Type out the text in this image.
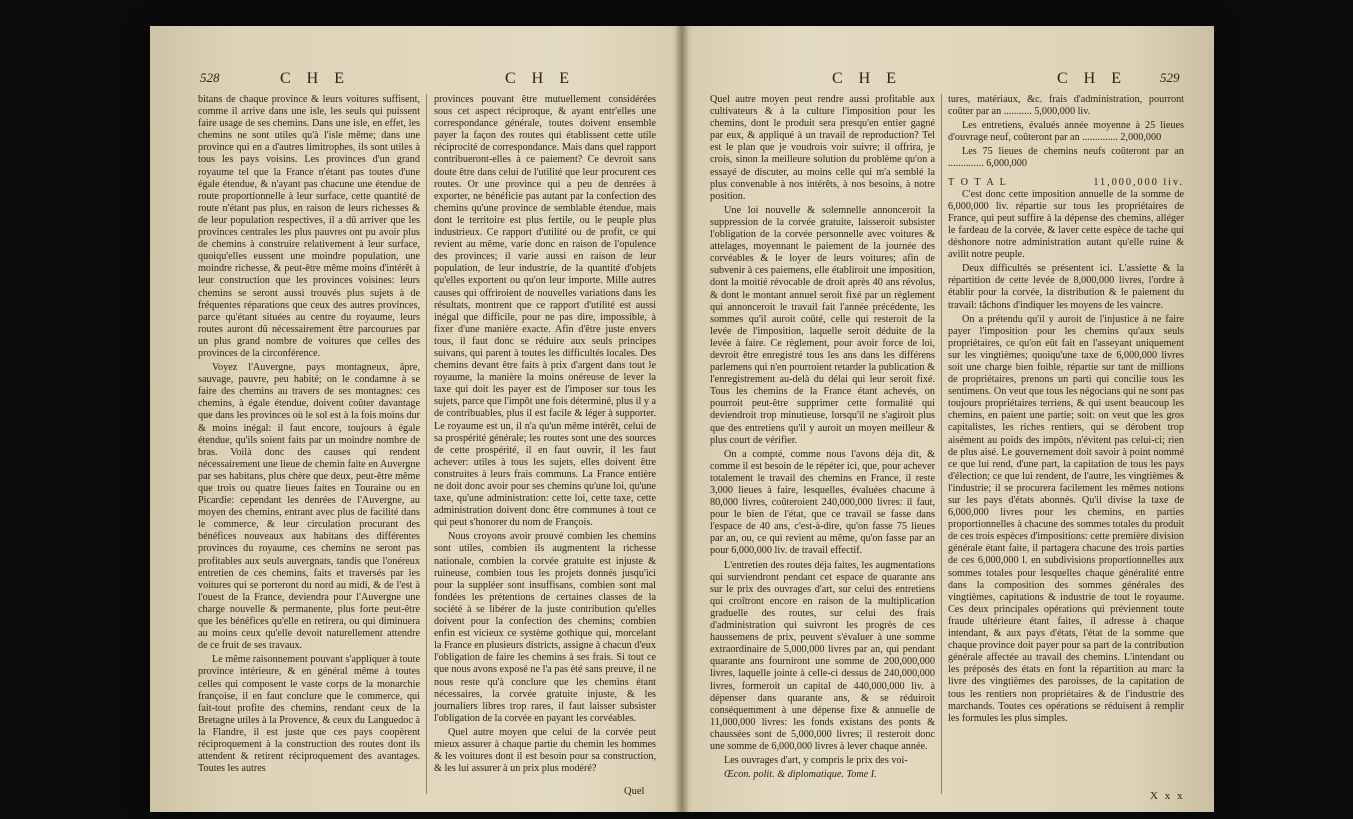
528	C H E	C H E

bitans de chaque province & leurs voitures suffisent, comme il arrive dans une isle, les seuls qui puissent faire usage de ses chemins. Dans une isle, en effet, les chemins ne sont utiles qu'à l'isle même; dans une province qui en a d'autres limitrophes, ils sont utiles à tous les pays voisins. Les provinces d'un grand royaume tel que la France n'étant pas toutes d'une égale étendue, & n'ayant pas chacune une étendue de route proportionnelle à leur surface, cette quantité de route n'étant pas plus, en raison de leurs richesses & de leur population respectives, il a dû arriver que les provinces centrales les plus pauvres ont pu avoir plus de chemins à construire relativement à leur surface, quoiqu'elles eussent une moindre population, une moindre richesse, & peut-être même moins d'intérêt à leur construction que les provinces voisines: leurs chemins se seront aussi trouvés plus sujets à de fréquentes réparations que ceux des autres provinces, parce qu'étant situées au centre du royaume, leurs routes auront dû nécessairement être parcourues par un plus grand nombre de voitures que celles des provinces de la circonférence.

Voyez l'Auvergne, pays montagneux, âpre, sauvage, pauvre, peu habité; on le condamne à se faire des chemins au travers de ses montagnes: ces chemins, à égale étendue, doivent coûter davantage que dans les provinces où le sol est à la fois moins dur & moins inégal: il faut encore, toujours à égale étendue, qu'ils soient faits par un moindre nombre de bras. Voilà donc des causes qui rendent nécessairement une lieue de chemin faite en Auvergne par ses habitans, plus chère que deux, peut-être même que trois ou quatre lieues faites en Touraine ou en Picardie: cependant les denrées de l'Auvergne, au moyen des chemins, entrant avec plus de facilité dans le commerce, & leur circulation procurant des bénéfices nouveaux aux habitans des différentes provinces du royaume, ces chemins ne seront pas profitables aux seuls auvergnats, tandis que l'onéreux entretien de ces chemins, faits et traversés par les voitures qui se porteront du nord au midi, & de l'est à l'ouest de la France, deviendra pour l'Auvergne une charge nouvelle & permanente, plus forte peut-être que les bénéfices qu'elle en retirera, ou qui diminuera au moins ceux qu'elle devoit naturellement attendre de ce fruit de ses travaux.

Le même raisonnement pouvant s'appliquer à toute province intérieure, & en général même à toutes celles qui composent le vaste corps de la monarchie françoise, il en faut conclure que le commerce, qui fait-tout profite des chemins, rendant ceux de la Bretagne utiles à la Provence, & ceux du Languedoc à la Flandre, il est juste que ces pays coopèrent réciproquement à la construction des routes dont ils attendent & retirent réciproquement des avantages. Toutes les autres

provinces pouvant être mutuellement considérées sous cet aspect réciproque, & ayant entr'elles une correspondance générale, toutes doivent ensemble payer la façon des routes qui établissent cette utile réciprocité de correspondance. Mais dans quel rapport contribueront-elles à ce paiement? Ce devroit sans doute être dans celui de l'utilité que leur procurent ces routes. Or une province qui a peu de denrées à exporter, ne bénéficie pas autant par la confection des chemins qu'une province de semblable étendue, mais dont le territoire est plus fertile, ou le peuple plus industrieux. Ce rapport d'utilité ou de profit, ce qui revient au même, varie donc en raison de l'opulence des provinces; il varie aussi en raison de leur population, de leur industrie, de la quantité d'objets qu'elles exportent ou qu'on leur importe. Mille autres causes qui offriroient de nouvelles variations dans les résultats, montrent que ce rapport d'utilité est aussi inégal que difficile, pour ne pas dire, impossible, à fixer d'une manière exacte. Afin d'être juste envers tous, il faut donc se réduire aux seuls principes suivans, qui parent à toutes les difficultés locales. Des chemins devant être faits à prix d'argent dans tout le royaume, la manière la moins onéreuse de lever la taxe qui doit les payer est de l'imposer sur tous les sujets, parce que l'impôt une fois déterminé, plus il y a de contribuables, plus il est facile & léger à supporter. Le royaume est un, il n'a qu'un même intérêt, celui de sa prospérité générale; les routes sont une des sources de cette prospérité, il en faut ouvrir, il les faut achever: utiles à tous les sujets, elles doivent être construites à leurs frais communs. La France entière ne doit donc avoir pour ses chemins qu'une loi, qu'une taxe, qu'une administration: cette loi, cette taxe, cette administration doivent donc être communes à tout ce qui peut s'honorer du nom de François.

Nous croyons avoir prouvé combien les chemins sont utiles, combien ils augmentent la richesse nationale, combien la corvée gratuite est injuste & ruineuse, combien tous les projets donnés jusqu'ici pour la suppléer sont insuffisans, combien sont mal fondées les prétentions de certaines classes de la société à se libérer de la juste contribution qu'elles doivent pour la confection des chemins; combien enfin est vicieux ce système gothique qui, morcelant la France en plusieurs districts, assigne à chacun d'eux l'obligation de faire les chemins à ses frais. Si tout ce que nous avons exposé ne l'a pas été sans preuve, il ne nous reste qu'à conclure que les chemins étant nécessaires, la corvée gratuite injuste, & les journaliers libres trop rares, il faut laisser subsister l'obligation de la corvée en payant les corvéables.

Quel autre moyen que celui de la corvée peut mieux assurer à chaque partie du chemin les hommes & les voitures dont il est besoin pour sa construction, & les lui assurer à un prix plus modéré?

Quel
C H E	C H E	529

Quel autre moyen peut rendre aussi profitable aux cultivateurs & à la culture l'imposition pour les chemins, dont le produit sera presqu'en entier gagné par eux, & appliqué à un travail de reproduction? Tel est le plan que je voudrois voir suivre; il offrira, je crois, sinon la meilleure solution du problème qu'on a essayé de discuter, au moins celle qui m'a semblé la plus convenable à nos intérêts, à nos besoins, à notre position.

Une loi nouvelle & solemnelle annonceroit la suppression de la corvée gratuite, laisseroit subsister l'obligation de la corvée personnelle avec voitures & attelages, moyennant le paiement de la journée des corvéables & le loyer de leurs voitures; afin de subvenir à ces paiemens, elle établiroit une imposition, dont la moitié révocable de droit après 40 ans révolus, & dont le montant annuel seroit fixé par un règlement qui annonceroit le travail fait l'année précédente, les sommes qu'il auroit coûté, celle qui resteroit de la levée de l'imposition, laquelle seroit déduite de la levée à faire. Ce règlement, pour avoir force de loi, devroit être enregistré tous les ans dans les différens parlemens qui n'en pourroient retarder la publication & l'enregistrement au-delà du délai qui leur seroit fixé. Tous les chemins de la France étant achevés, on pourroit peut-être supprimer cette formalité qui deviendroit trop minutieuse, lorsqu'il ne s'agiroit plus que des entretiens qu'il y auroit un moyen meilleur & plus court de vérifier.

On a compté, comme nous l'avons déja dit, & comme il est besoin de le répéter ici, que, pour achever totalement le travail des chemins en France, il reste 3,000 lieues à faire, lesquelles, évaluées chacune à 80,000 livres, coûteroient 240,000,000 livres: il faut, pour le bien de l'état, que ce travail se fasse dans l'espace de 40 ans, c'est-à-dire, qu'on fasse 75 lieues par an, ou, ce qui revient au même, qu'on fasse par an pour 6,000,000 liv. de travail effectif.

L'entretien des routes déja faites, les augmentations qui surviendront pendant cet espace de quarante ans sur le prix des ouvrages d'art, sur celui des entretiens qui croîtront encore en raison de la multiplication graduelle des routes, sur celui des frais d'administration qui suivront les progrès de ces haussemens de prix, peuvent s'évaluer à une somme extraordinaire de 5,000,000 livres par an, qui pendant quarante ans fourniront une somme de 200,000,000 livres, laquelle jointe à celle-ci dessus de 240,000,000 livres, formeroit un capital de 440,000,000 liv. à dépenser dans quarante ans, & se réduiroit conséquemment à une dépense fixe & annuelle de 11,000,000 livres: les fonds existans des ponts & chaussées sont de 5,000,000 livres; il resteroit donc une somme de 6,000,000 livres à lever chaque année.

Les ouvrages d'art, y compris le prix des voi-

Œcon. polit. & diplomatique. Tome I.

tures, matériaux, &c. frais d'administration, pourront coûter par an ........... 5,000,000 liv.

Les entretiens, évalués année moyenne à 25 lieues d'ouvrage neuf, coûteront par an .............. 2,000,000

Les 75 lieues de chemins neufs coûteront par an .............. 6,000,000

T O T A L	11,000,000 liv.

C'est donc cette imposition annuelle de la somme de 6,000,000 liv. répartie sur tous les propriétaires de France, qui peut suffire à la dépense des chemins, alléger le fardeau de la corvée, & laver cette espèce de tache qui déshonore notre administration autant qu'elle ruine & avilit notre peuple.

Deux difficultés se présentent ici. L'assiette & la répartition de cette levée de 8,000,000 livres, l'ordre à établir pour la corvée, la distribution & le paiement du travail: tâchons d'indiquer les moyens de les vaincre.

On a prétendu qu'il y auroit de l'injustice à ne faire payer l'imposition pour les chemins qu'aux seuls propriétaires, ce qu'on eût fait en l'asseyant uniquement sur les vingtièmes; quoiqu'une taxe de 6,000,000 livres soit une charge bien foible, répartie sur tant de millions de propriétaires, prenons un parti qui concilie tous les sentimens. On veut que tous les négocians qui ne sont pas toujours propriétaires terriens, & qui usent beaucoup les chemins, en paient une partie; soit: on veut que les gros capitalistes, les riches rentiers, qui se dérobent trop aisément au poids des impôts, n'évitent pas celui-ci; rien de plus aisé. Le gouvernement doit savoir à point nommé ce que lui rend, d'une part, la capitation de tous les pays d'élection; ce que lui rendent, de l'autre, les vingtièmes & l'industrie; il se procurera facilement les mêmes notions sur les pays d'états abonnés. Qu'il divise la taxe de 6,000,000 livres pour les chemins, en parties proportionnelles à chacune des sommes totales du produit de ces trois espèces d'impositions: cette première division générale étant faite, il partagera chacune des trois parties de ces 6,000,000 l. en subdivisions proportionnelles aux sommes totales pour lesquelles chaque généralité entre dans la composition des sommes générales des vingtièmes, capitations & industrie de tout le royaume. Ces deux principales opérations qui préviennent toute fraude ultérieure étant faites, il adresse à chaque intendant, & aux pays d'états, l'état de la somme que chaque province doit payer pour sa part de la contribution générale affectée au travail des chemins. L'intendant ou les préposés des états en font la répartition au marc la livre des vingtièmes des paroisses, de la capitation de tous les rentiers non propriétaires & de l'industrie des marchands. Toutes ces opérations se réduisent à remplir les formules les plus simples.

X x x
